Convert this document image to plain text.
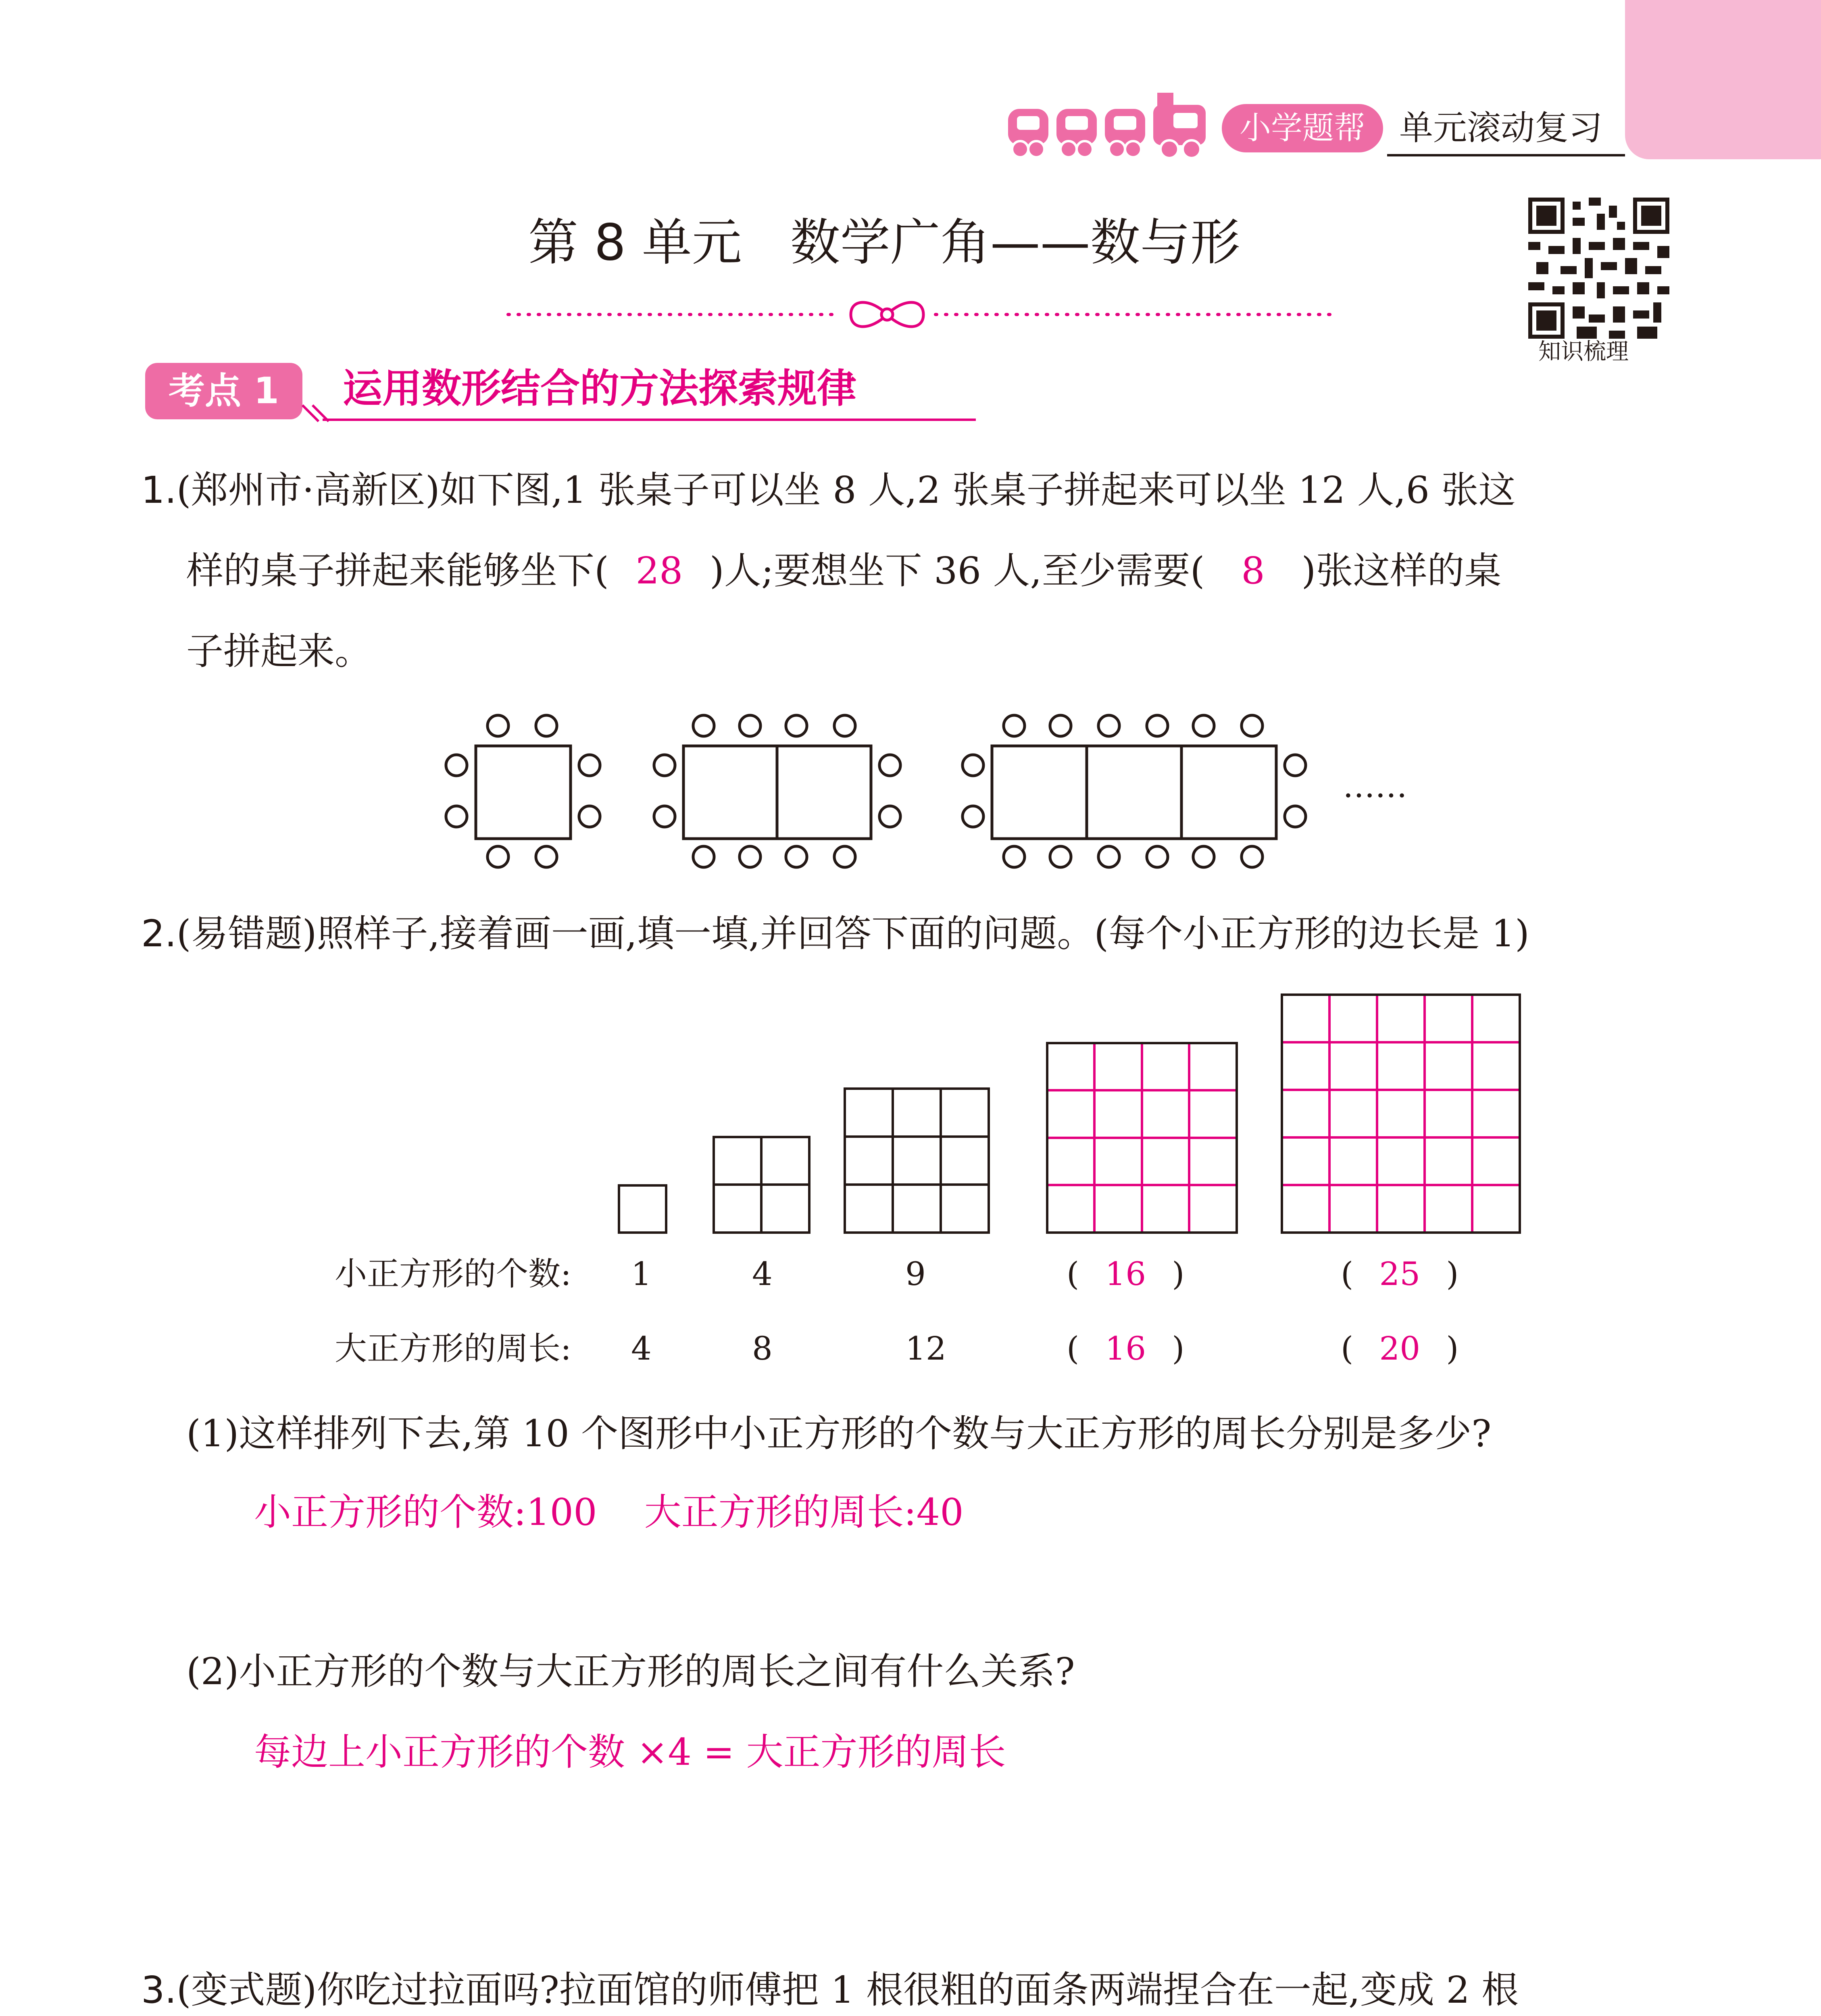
小学题帮	单元滚动复习
第 8 单元 数学广角——数与形
知识梳理
考点 1	运用数形结合的方法探索规律
1.(郑州市·高新区)如下图,1 张桌子可以坐 8 人,2 张桌子拼起来可以坐 12 人,6 张这
样的桌子拼起来能够坐下( 28 )人;要想坐下 36 人,至少需要( 8 )张这样的桌
子拼起来。
……
2.(易错题)照样子,接着画一画,填一填,并回答下面的问题。(每个小正方形的边长是 1)
小正方形的个数: 1	4	9	( 16 )	( 25 )
大正方形的周长: 4	8	12	( 16 )	( 20 )
(1)这样排列下去,第 10 个图形中小正方形的个数与大正方形的周长分别是多少?
小正方形的个数:100    大正方形的周长:40
(2)小正方形的个数与大正方形的周长之间有什么关系?
每边上小正方形的个数 ×4 = 大正方形的周长
3.(变式题)你吃过拉面吗?拉面馆的师傅把 1 根很粗的面条两端捏合在一起,变成 2 根
